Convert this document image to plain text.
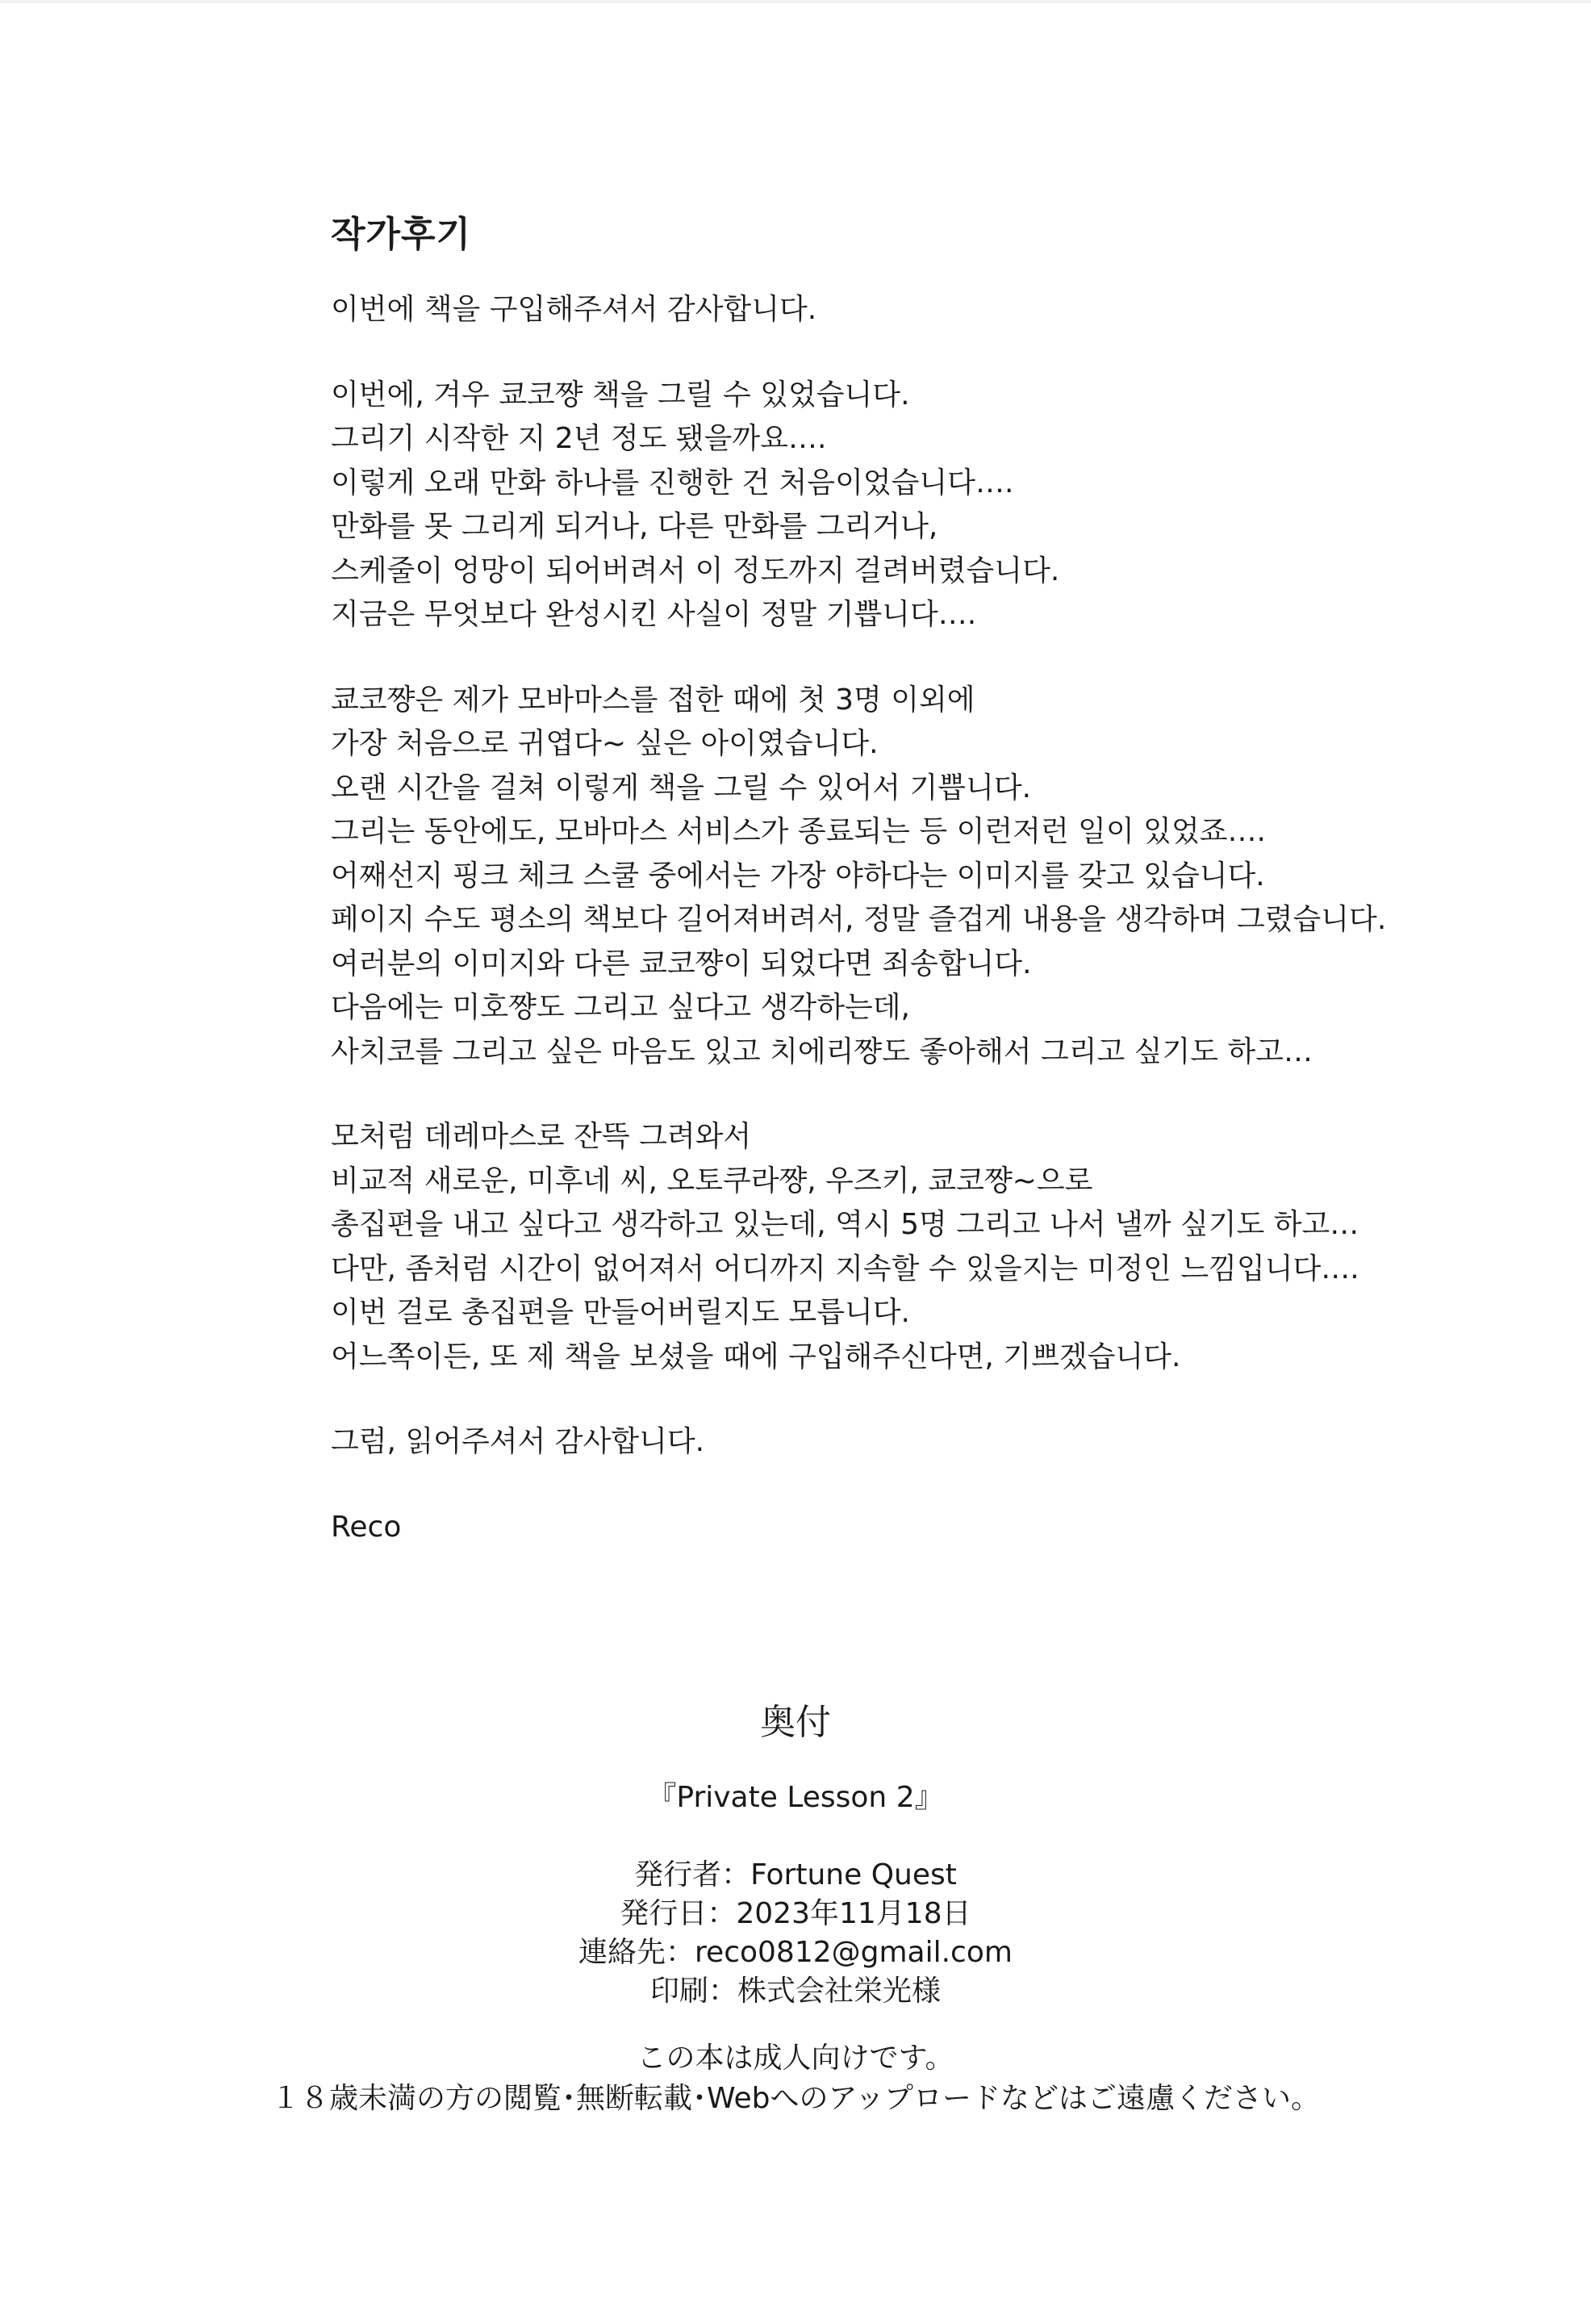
작가후기
이번에 책을 구입해주셔서 감사합니다.
이번에, 겨우 쿄코쨩 책을 그릴 수 있었습니다.
그리기 시작한 지 2년 정도 됐을까요….
이렇게 오래 만화 하나를 진행한 건 처음이었습니다….
만화를 못 그리게 되거나, 다른 만화를 그리거나,
스케줄이 엉망이 되어버려서 이 정도까지 걸려버렸습니다.
지금은 무엇보다 완성시킨 사실이 정말 기쁩니다….
쿄코쨩은 제가 모바마스를 접한 때에 첫 3명 이외에
가장 처음으로 귀엽다~ 싶은 아이였습니다.
오랜 시간을 걸쳐 이렇게 책을 그릴 수 있어서 기쁩니다.
그리는 동안에도, 모바마스 서비스가 종료되는 등 이런저런 일이 있었죠….
어째선지 핑크 체크 스쿨 중에서는 가장 야하다는 이미지를 갖고 있습니다.
페이지 수도 평소의 책보다 길어져버려서, 정말 즐겁게 내용을 생각하며 그렸습니다.
여러분의 이미지와 다른 쿄코쨩이 되었다면 죄송합니다.
다음에는 미호쨩도 그리고 싶다고 생각하는데,
사치코를 그리고 싶은 마음도 있고 치에리쨩도 좋아해서 그리고 싶기도 하고…
모처럼 데레마스로 잔뜩 그려와서
비교적 새로운, 미후네 씨, 오토쿠라쨩, 우즈키, 쿄코쨩~으로
총집편을 내고 싶다고 생각하고 있는데, 역시 5명 그리고 나서 낼까 싶기도 하고…
다만, 좀처럼 시간이 없어져서 어디까지 지속할 수 있을지는 미정인 느낌입니다….
이번 걸로 총집편을 만들어버릴지도 모릅니다.
어느쪽이든, 또 제 책을 보셨을 때에 구입해주신다면, 기쁘겠습니다.
그럼, 읽어주셔서 감사합니다.
Reco
奥付
『Private Lesson 2』
発行者：Fortune Quest
発行日：2023年11月18日
連絡先：reco0812@gmail.com
印刷：株式会社栄光様
この本は成人向けです。
１８歳未満の方の閲覧･無断転載･Webへのアップロードなどはご遠慮ください。
